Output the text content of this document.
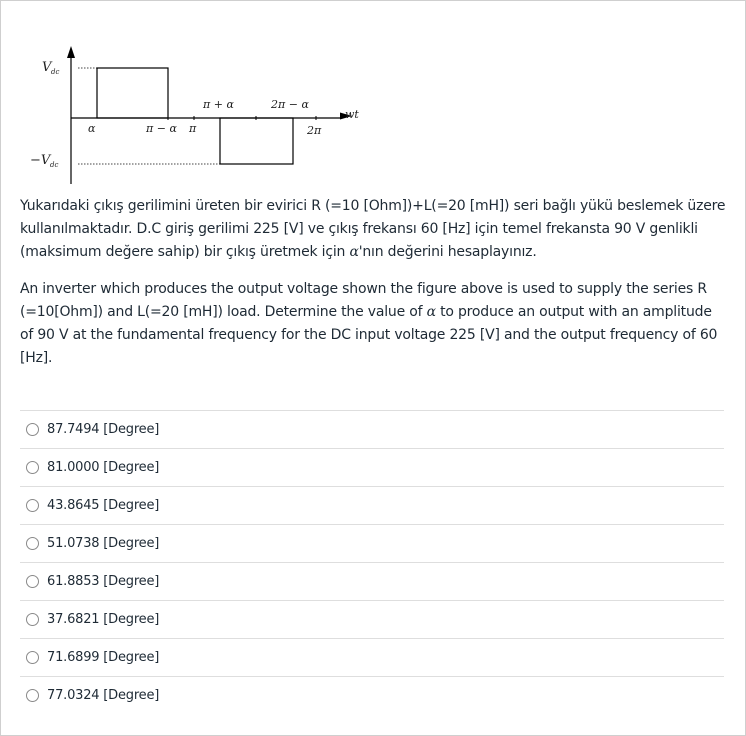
V dc
−V dc
α	π − α π
π + α	2π − α
2π
wt
Yukarıdaki çıkış gerilimini üreten bir evirici R (=10 [Ohm])+L(=20 [mH]) seri bağlı yükü beslemek üzere kullanılmaktadır. D.C giriş gerilimi 225 [V] ve çıkış frekansı 60 [Hz] için temel frekansta 90 V genlikli (maksimum değere sahip) bir çıkış üretmek için α'nın değerini hesaplayınız.
An inverter which produces the output voltage shown the figure above is used to supply the series R (=10[Ohm]) and L(=20 [mH]) load. Determine the value of α to produce an output with an amplitude of 90 V at the fundamental frequency for the DC input voltage 225 [V] and the output frequency of 60 [Hz].
87.7494 [Degree]
81.0000 [Degree]
43.8645 [Degree]
51.0738 [Degree]
61.8853 [Degree]
37.6821 [Degree]
71.6899 [Degree]
77.0324 [Degree]
